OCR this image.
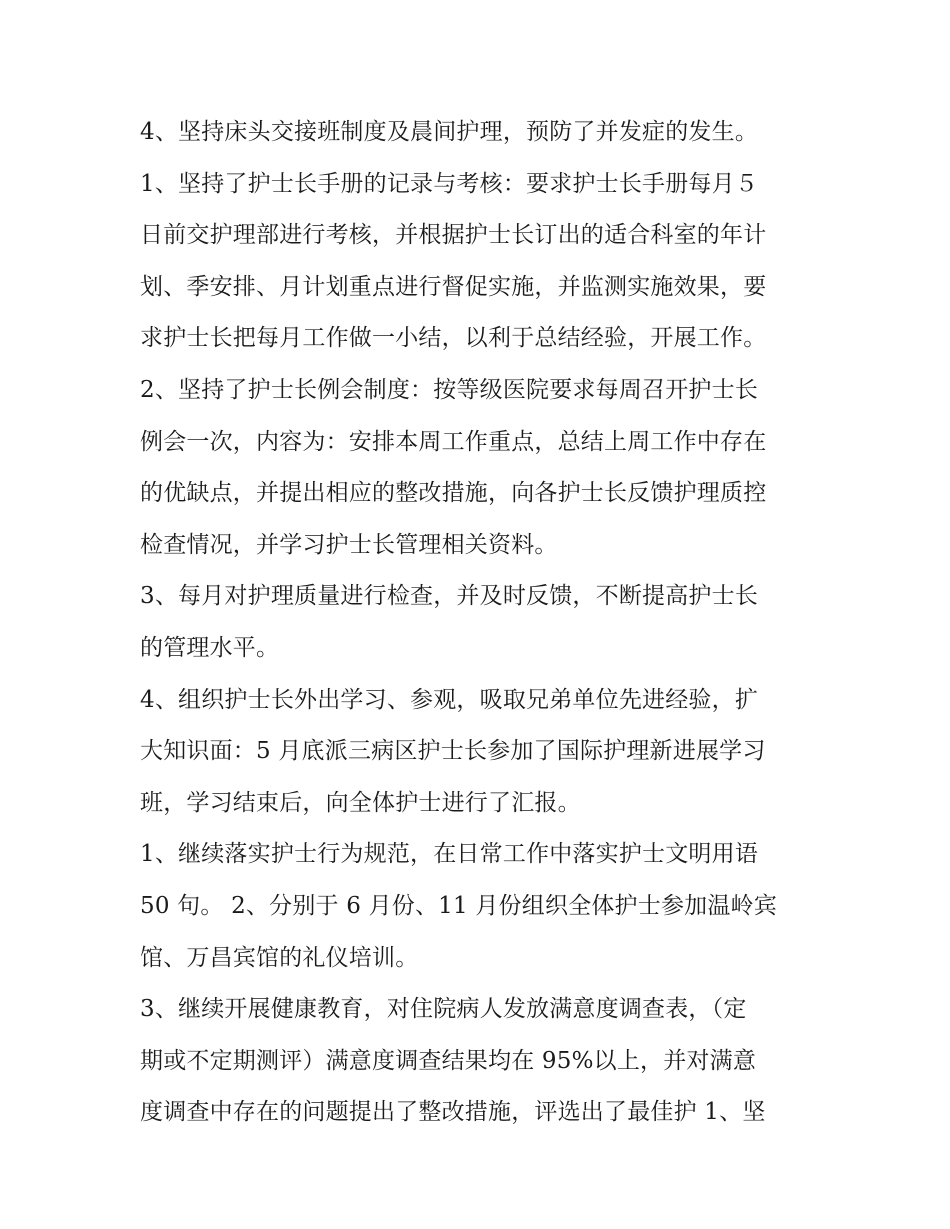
4、坚持床头交接班制度及晨间护理，预防了并发症的发生。
1、坚持了护士长手册的记录与考核：要求护士长手册每月５
日前交护理部进行考核，并根据护士长订出的适合科室的年计
划、季安排、月计划重点进行督促实施，并监测实施效果，要
求护士长把每月工作做一小结，以利于总结经验，开展工作。
2、坚持了护士长例会制度：按等级医院要求每周召开护士长
例会一次，内容为：安排本周工作重点，总结上周工作中存在
的优缺点，并提出相应的整改措施，向各护士长反馈护理质控
检查情况，并学习护士长管理相关资料。
3、每月对护理质量进行检查，并及时反馈，不断提高护士长
的管理水平。
4、组织护士长外出学习、参观，吸取兄弟单位先进经验，扩
大知识面：5 月底派三病区护士长参加了国际护理新进展学习
班，学习结束后，向全体护士进行了汇报。
1、继续落实护士行为规范，在日常工作中落实护士文明用语
50 句。 2、分别于 6 月份、11 月份组织全体护士参加温岭宾
馆、万昌宾馆的礼仪培训。
3、继续开展健康教育，对住院病人发放满意度调查表，（定
期或不定期测评）满意度调查结果均在 95%以上，并对满意
度调查中存在的问题提出了整改措施，评选出了最佳护 1、坚
